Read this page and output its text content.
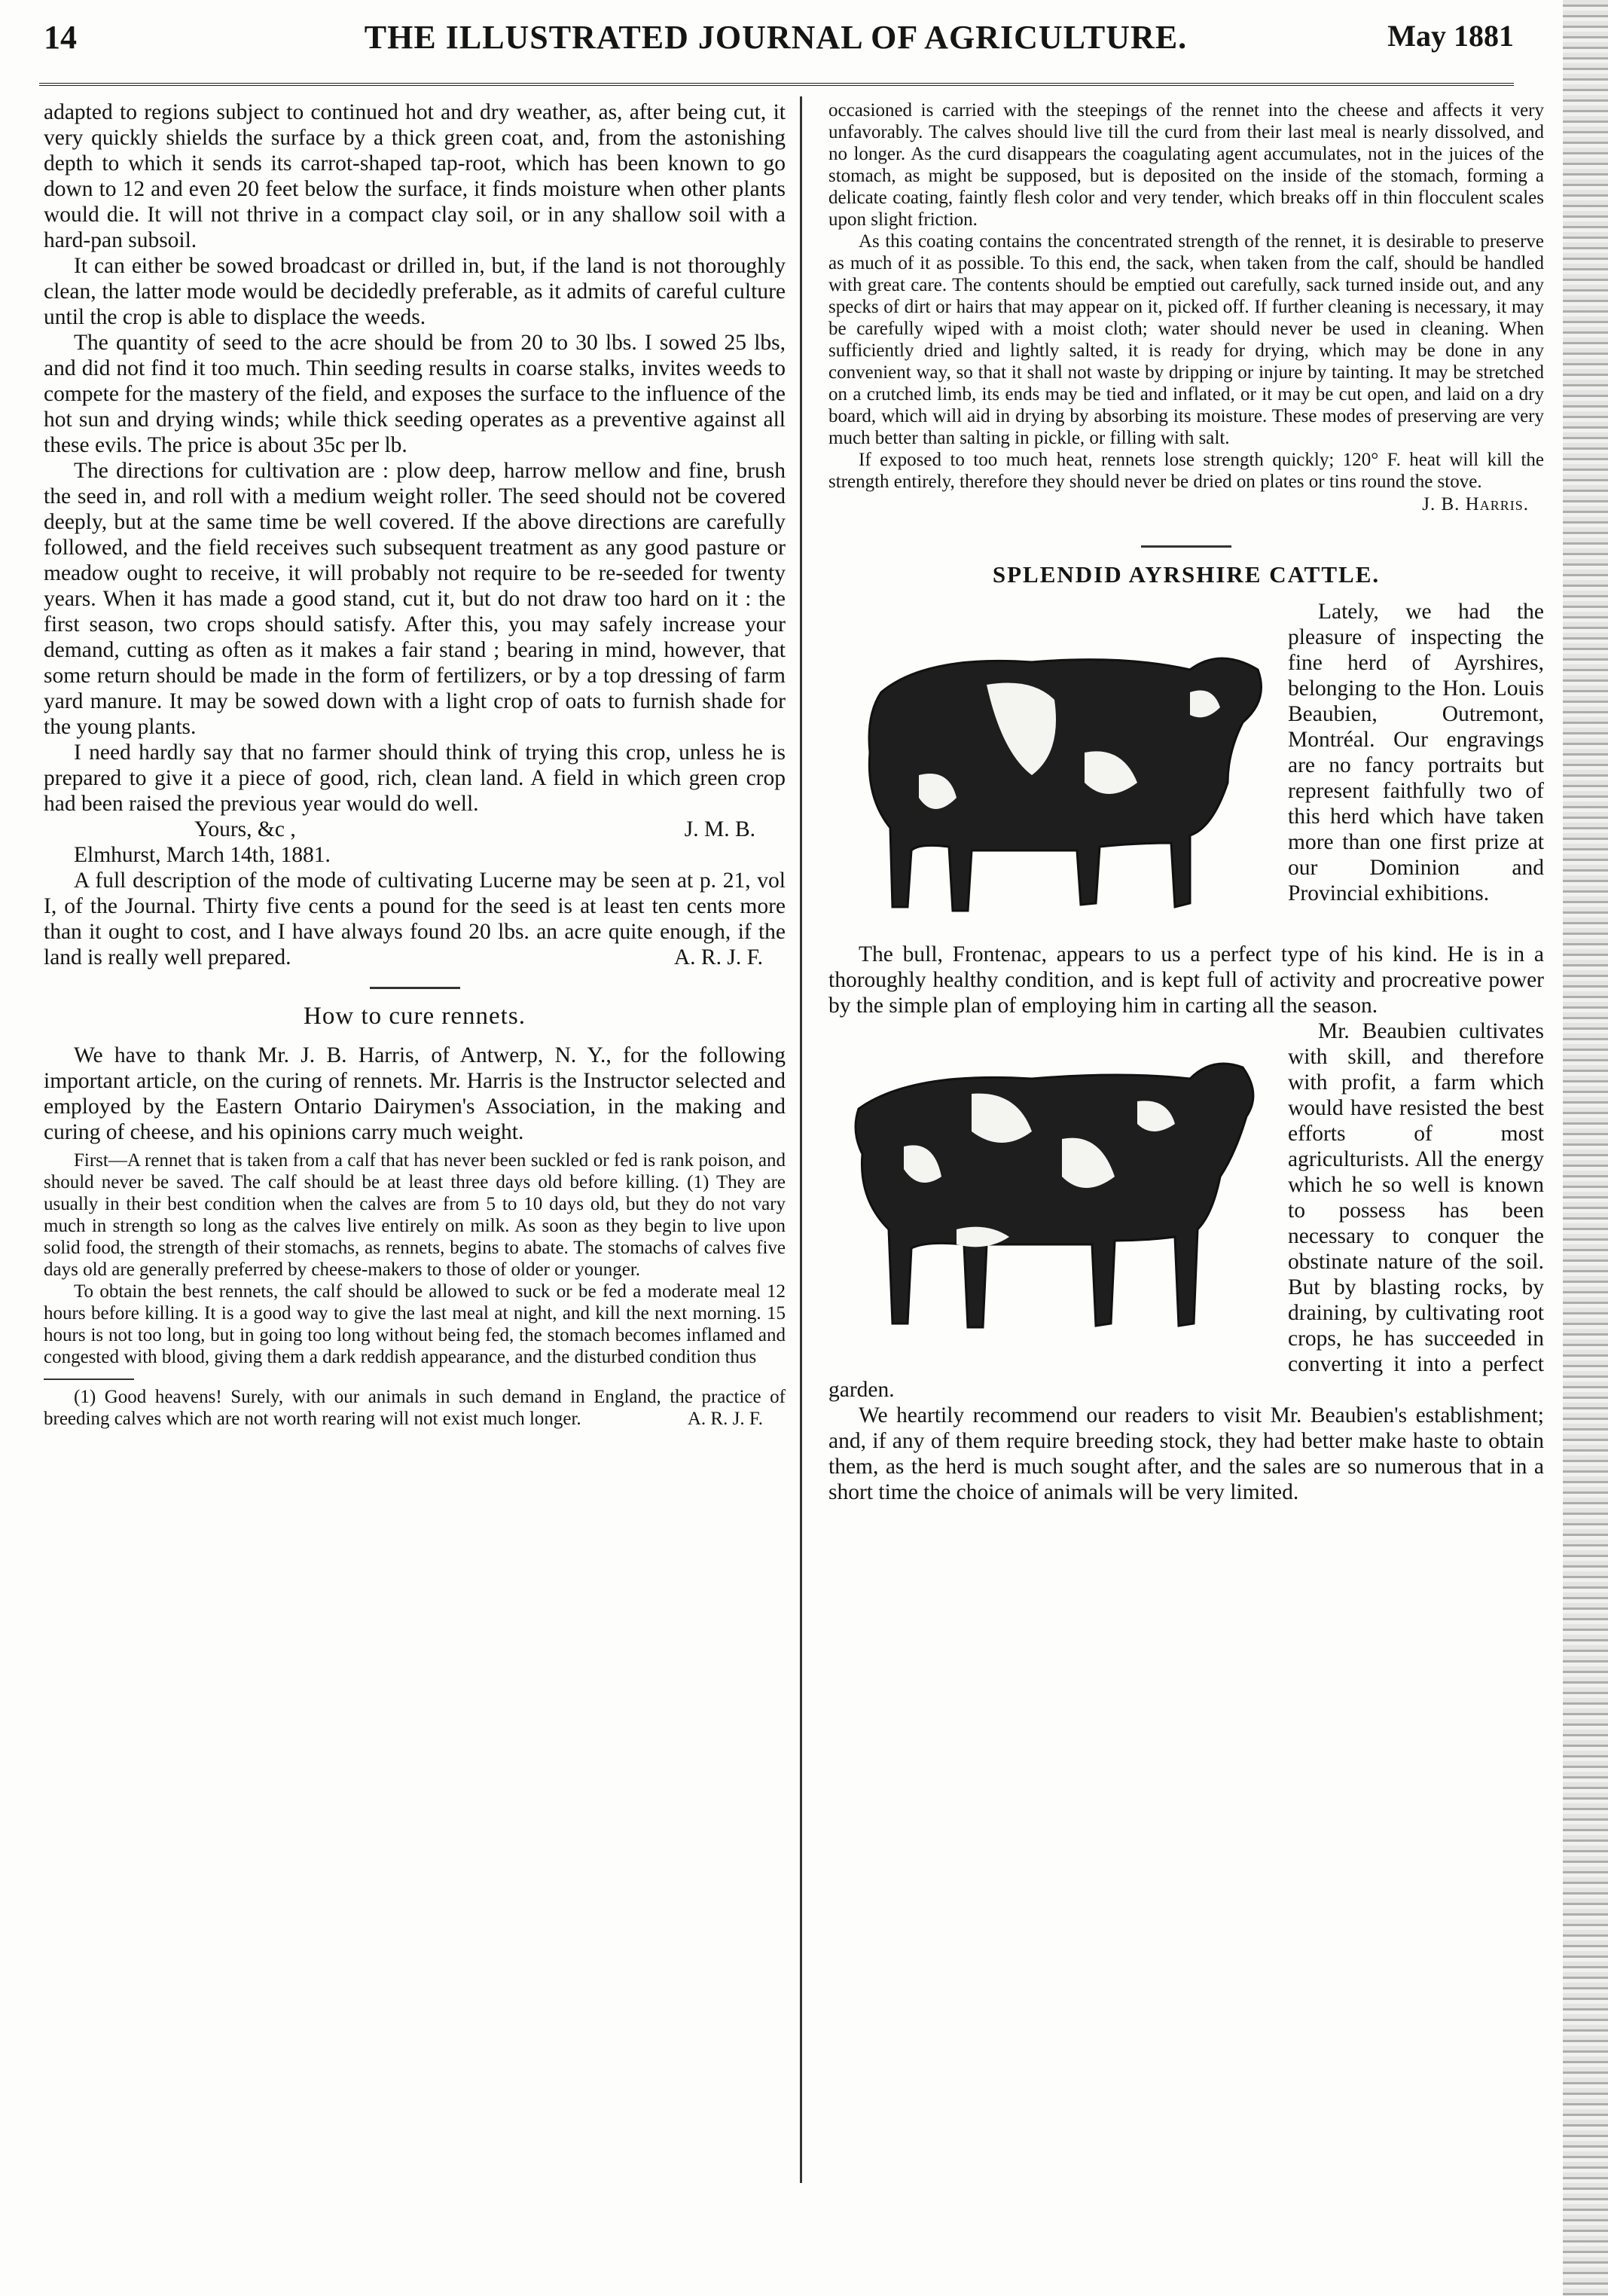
14	THE ILLUSTRATED JOURNAL OF AGRICULTURE.	May 1881

adapted to regions subject to continued hot and dry weather, as, after being cut, it very quickly shields the surface by a thick green coat, and, from the astonishing depth to which it sends its carrot-shaped tap-root, which has been known to go down to 12 and even 20 feet below the surface, it finds moisture when other plants would die. It will not thrive in a compact clay soil, or in any shallow soil with a hard-pan subsoil.

It can either be sowed broadcast or drilled in, but, if the land is not thoroughly clean, the latter mode would be decidedly preferable, as it admits of careful culture until the crop is able to displace the weeds.

The quantity of seed to the acre should be from 20 to 30 lbs. I sowed 25 lbs, and did not find it too much. Thin seeding results in coarse stalks, invites weeds to compete for the mastery of the field, and exposes the surface to the influence of the hot sun and drying winds; while thick seeding operates as a preventive against all these evils. The price is about 35c per lb.

The directions for cultivation are : plow deep, harrow mellow and fine, brush the seed in, and roll with a medium weight roller. The seed should not be covered deeply, but at the same time be well covered. If the above directions are carefully followed, and the field receives such subsequent treatment as any good pasture or meadow ought to receive, it will probably not require to be re-seeded for twenty years. When it has made a good stand, cut it, but do not draw too hard on it : the first season, two crops should satisfy. After this, you may safely increase your demand, cutting as often as it makes a fair stand ; bearing in mind, however, that some return should be made in the form of fertilizers, or by a top dressing of farm yard manure. It may be sowed down with a light crop of oats to furnish shade for the young plants.

I need hardly say that no farmer should think of trying this crop, unless he is prepared to give it a piece of good, rich, clean land. A field in which green crop had been raised the previous year would do well.

Yours, &c ,	J. M. B.

Elmhurst, March 14th, 1881.

A full description of the mode of cultivating Lucerne may be seen at p. 21, vol I, of the Journal. Thirty five cents a pound for the seed is at least ten cents more than it ought to cost, and I have always found 20 lbs. an acre quite enough, if the land is really well prepared.	A. R. J. F.

How to cure rennets.

We have to thank Mr. J. B. Harris, of Antwerp, N. Y., for the following important article, on the curing of rennets. Mr. Harris is the Instructor selected and employed by the Eastern Ontario Dairymen's Association, in the making and curing of cheese, and his opinions carry much weight.

First—A rennet that is taken from a calf that has never been suckled or fed is rank poison, and should never be saved. The calf should be at least three days old before killing. (1) They are usually in their best condition when the calves are from 5 to 10 days old, but they do not vary much in strength so long as the calves live entirely on milk. As soon as they begin to live upon solid food, the strength of their stomachs, as rennets, begins to abate. The stomachs of calves five days old are generally preferred by cheese-makers to those of older or younger.

To obtain the best rennets, the calf should be allowed to suck or be fed a moderate meal 12 hours before killing. It is a good way to give the last meal at night, and kill the next morning. 15 hours is not too long, but in going too long without being fed, the stomach becomes inflamed and congested with blood, giving them a dark reddish appearance, and the disturbed condition thus

(1) Good heavens! Surely, with our animals in such demand in England, the practice of breeding calves which are not worth rearing will not exist much longer.	A. R. J. F.

occasioned is carried with the steepings of the rennet into the cheese and affects it very unfavorably. The calves should live till the curd from their last meal is nearly dissolved, and no longer. As the curd disappears the coagulating agent accumulates, not in the juices of the stomach, as might be supposed, but is deposited on the inside of the stomach, forming a delicate coating, faintly flesh color and very tender, which breaks off in thin flocculent scales upon slight friction.

As this coating contains the concentrated strength of the rennet, it is desirable to preserve as much of it as possible. To this end, the sack, when taken from the calf, should be handled with great care. The contents should be emptied out carefully, sack turned inside out, and any specks of dirt or hairs that may appear on it, picked off. If further cleaning is necessary, it may be carefully wiped with a moist cloth; water should never be used in cleaning. When sufficiently dried and lightly salted, it is ready for drying, which may be done in any convenient way, so that it shall not waste by dripping or injure by tainting. It may be stretched on a crutched limb, its ends may be tied and inflated, or it may be cut open, and laid on a dry board, which will aid in drying by absorbing its moisture. These modes of preserving are very much better than salting in pickle, or filling with salt.

If exposed to too much heat, rennets lose strength quickly; 120° F. heat will kill the strength entirely, therefore they should never be dried on plates or tins round the stove.

J. B. Harris.
SPLENDID AYRSHIRE CATTLE.

Lately, we had the pleasure of inspecting the fine herd of Ayrshires, belonging to the Hon. Louis Beaubien, Outremont, Montréal. Our engravings are no fancy portraits but represent faithfully two of this herd which have taken more than one first prize at our Dominion and Provincial exhibitions.

The bull, Frontenac, appears to us a perfect type of his kind. He is in a thoroughly healthy condition, and is kept full of activity and procreative power by the simple plan of employing him in carting all the season.

Mr. Beaubien cultivates with skill, and therefore with profit, a farm which would have resisted the best efforts of most agriculturists. All the energy which he so well is known to possess has been necessary to conquer the obstinate nature of the soil. But by blasting rocks, by draining, by cultivating root crops, he has succeeded in converting it into a perfect garden.

We heartily recommend our readers to visit Mr. Beaubien's establishment; and, if any of them require breeding stock, they had better make haste to obtain them, as the herd is much sought after, and the sales are so numerous that in a short time the choice of animals will be very limited.
